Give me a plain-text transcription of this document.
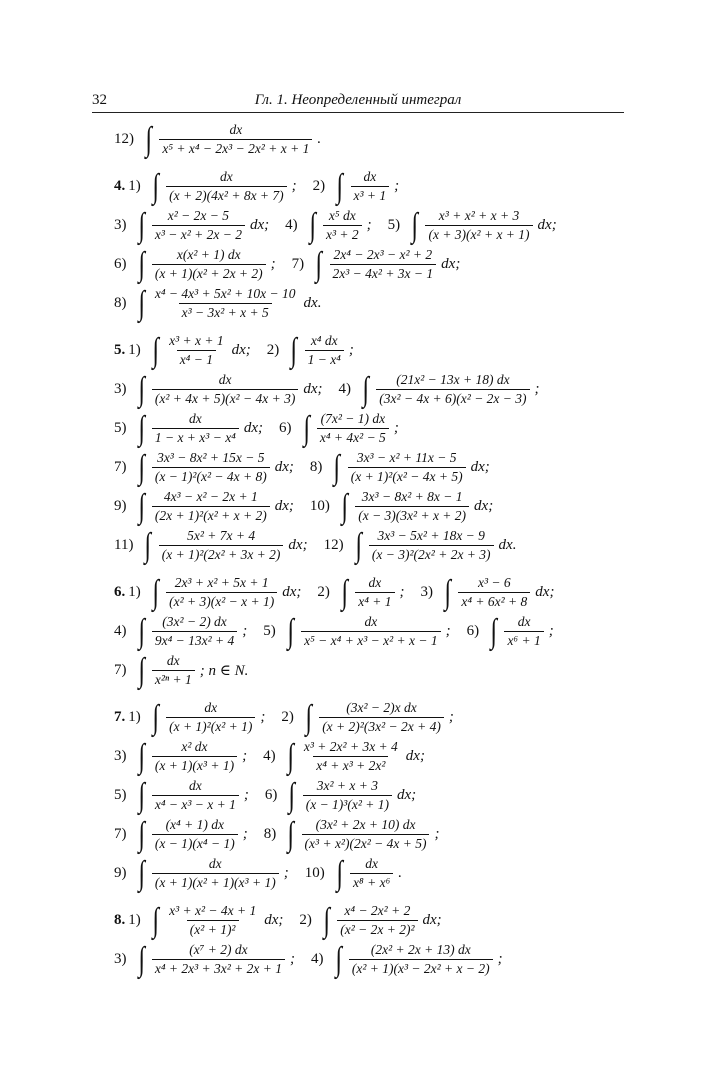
32	Гл. 1. Неопределенный интеграл
12) ∫ $\frac{dx}{\text{x⁵ + x⁴ − 2x³ − 2x² + x + 1}}$ .
4. 1) ∫ $\frac{dx}{\text{(x + 2)(4x² + 8x + 7)}}$ ; 2) ∫ $\frac{dx}{\text{x³ + 1}}$ ;
3) ∫ $\frac{\text{x² − 2x − 5}}{\text{x³ − x² + 2x − 2}}$ dx; 4) ∫ $\frac{\text{x⁵ dx}}{\text{x³ + 2}}$ ; 5) ∫ $\frac{\text{x³ + x² + x + 3}}{\text{(x + 3)(x² + x + 1)}}$ dx;
6) ∫ $\frac{\text{x(x² + 1) dx}}{\text{(x + 1)(x² + 2x + 2)}}$ ; 7) ∫ $\frac{\text{2x⁴ − 2x³ − x² + 2}}{\text{2x³ − 4x² + 3x − 1}}$ dx;
8) ∫ $\frac{\text{x⁴ − 4x³ + 5x² + 10x − 10}}{\text{x³ − 3x² + x + 5}}$ dx.
5. 1) ∫ $\frac{\text{x³ + x + 1}}{\text{x⁴ − 1}}$ dx; 2) ∫ $\frac{\text{x⁴ dx}}{\text{1 − x⁴}}$ ;
3) ∫ $\frac{dx}{\text{(x² + 4x + 5)(x² − 4x + 3)}}$ dx; 4) ∫ $\frac{\text{(21x² − 13x + 18) dx}}{\text{(3x² − 4x + 6)(x² − 2x − 3)}}$ ;
5) ∫ $\frac{dx}{\text{1 − x + x³ − x⁴}}$ dx; 6) ∫ $\frac{\text{(7x² − 1) dx}}{\text{x⁴ + 4x² − 5}}$ ;
7) ∫ $\frac{\text{3x³ − 8x² + 15x − 5}}{\text{(x − 1)²(x² − 4x + 8)}}$ dx; 8) ∫ $\frac{\text{3x³ − x² + 11x − 5}}{\text{(x + 1)²(x² − 4x + 5)}}$ dx;
9) ∫ $\frac{\text{4x³ − x² − 2x + 1}}{\text{(2x + 1)²(x² + x + 2)}}$ dx; 10) ∫ $\frac{\text{3x³ − 8x² + 8x − 1}}{\text{(x − 3)(3x² + x + 2)}}$ dx;
11) ∫ $\frac{\text{5x² + 7x + 4}}{\text{(x + 1)²(2x² + 3x + 2)}}$ dx; 12) ∫ $\frac{\text{3x³ − 5x² + 18x − 9}}{\text{(x − 3)²(2x² + 2x + 3)}}$ dx.
6. 1) ∫ $\frac{\text{2x³ + x² + 5x + 1}}{\text{(x² + 3)(x² − x + 1)}}$ dx; 2) ∫ $\frac{dx}{\text{x⁴ + 1}}$ ; 3) ∫ $\frac{\text{x³ − 6}}{\text{x⁴ + 6x² + 8}}$ dx;
4) ∫ $\frac{\text{(3x² − 2) dx}}{\text{9x⁴ − 13x² + 4}}$ ; 5) ∫ $\frac{dx}{\text{x⁵ − x⁴ + x³ − x² + x − 1}}$ ; 6) ∫ $\frac{dx}{\text{x⁶ + 1}}$ ;
7) ∫ $\frac{dx}{\text{x²ⁿ + 1}}$ ; n ∈ N.
7. 1) ∫ $\frac{dx}{\text{(x + 1)²(x² + 1)}}$ ; 2) ∫ $\frac{\text{(3x² − 2)x dx}}{\text{(x + 2)²(3x² − 2x + 4)}}$ ;
3) ∫ $\frac{\text{x² dx}}{\text{(x + 1)(x³ + 1)}}$ ; 4) ∫ $\frac{\text{x³ + 2x² + 3x + 4}}{\text{x⁴ + x³ + 2x²}}$ dx;
5) ∫ $\frac{dx}{\text{x⁴ − x³ − x + 1}}$ ; 6) ∫ $\frac{\text{3x² + x + 3}}{\text{(x − 1)³(x² + 1)}}$ dx;
7) ∫ $\frac{\text{(x⁴ + 1) dx}}{\text{(x − 1)(x⁴ − 1)}}$ ; 8) ∫ $\frac{\text{(3x² + 2x + 10) dx}}{\text{(x³ + x²)(2x² − 4x + 5)}}$ ;
9) ∫ $\frac{dx}{\text{(x + 1)(x² + 1)(x³ + 1)}}$ ; 10) ∫ $\frac{dx}{\text{x⁸ + x⁶}}$ .
8. 1) ∫ $\frac{\text{x³ + x² − 4x + 1}}{\text{(x² + 1)²}}$ dx; 2) ∫ $\frac{\text{x⁴ − 2x² + 2}}{\text{(x² − 2x + 2)²}}$ dx;
3) ∫ $\frac{\text{(x⁷ + 2) dx}}{\text{x⁴ + 2x³ + 3x² + 2x + 1}}$ ; 4) ∫ $\frac{\text{(2x² + 2x + 13) dx}}{\text{(x² + 1)(x³ − 2x² + x − 2)}}$ ;
